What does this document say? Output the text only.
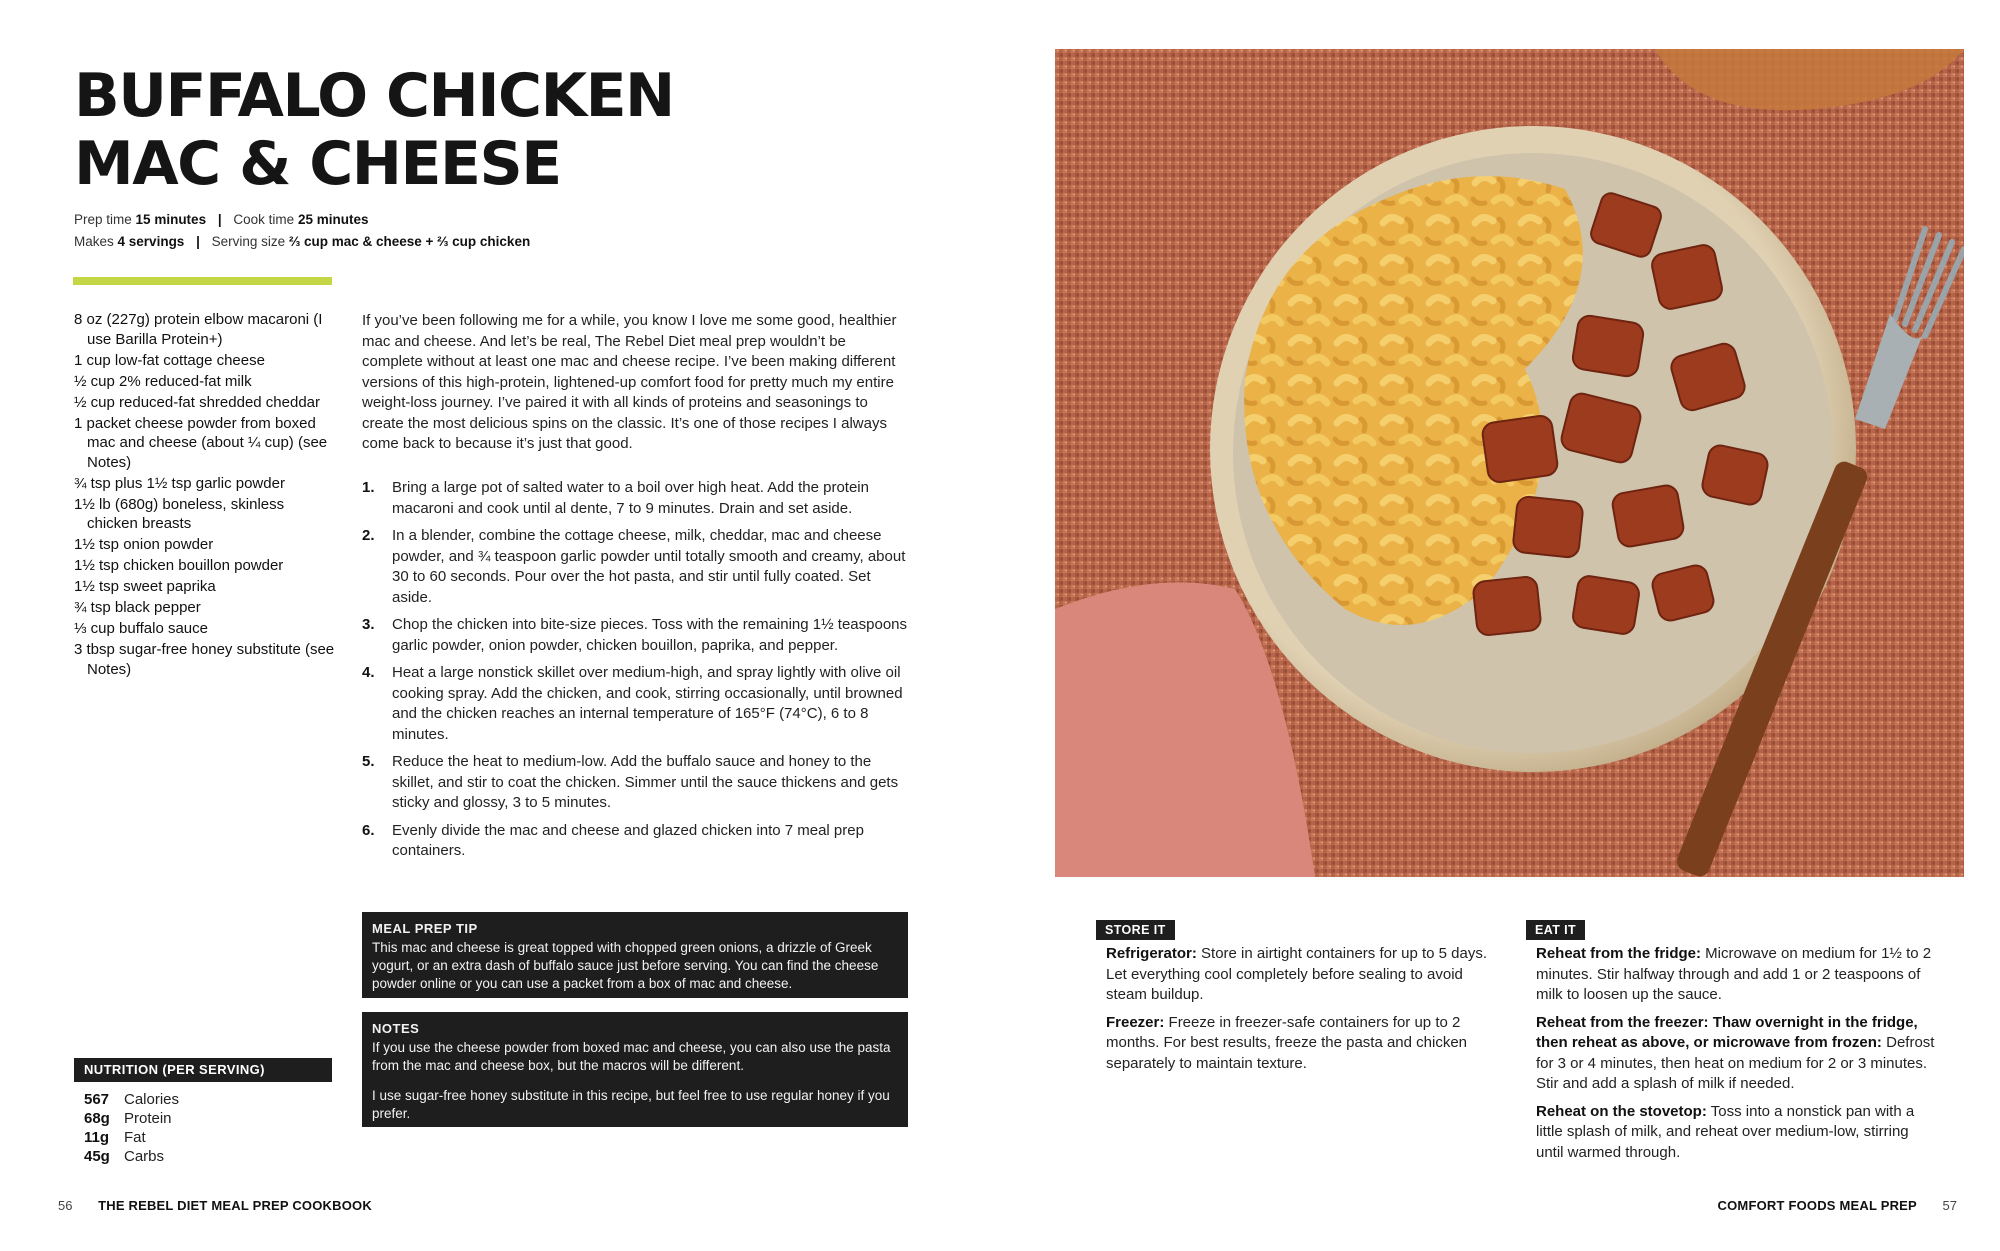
BUFFALO CHICKEN
MAC & CHEESE
Prep time 15 minutes | Cook time 25 minutes
Makes 4 servings | Serving size ⅔ cup mac & cheese + ⅔ cup chicken
8 oz (227g) protein elbow macaroni (I use Barilla Protein+)
1 cup low-fat cottage cheese
½ cup 2% reduced-fat milk
½ cup reduced-fat shredded cheddar
1 packet cheese powder from boxed mac and cheese (about ¼ cup) (see Notes)
¾ tsp plus 1½ tsp garlic powder
1½ lb (680g) boneless, skinless chicken breasts
1½ tsp onion powder
1½ tsp chicken bouillon powder
1½ tsp sweet paprika
¾ tsp black pepper
⅓ cup buffalo sauce
3 tbsp sugar-free honey substitute (see Notes)

If you’ve been following me for a while, you know I love me some good, healthier mac and cheese. And let’s be real, The Rebel Diet meal prep wouldn’t be complete without at least one mac and cheese recipe. I’ve been making different versions of this high-protein, lightened-up comfort food for pretty much my entire weight-loss journey. I’ve paired it with all kinds of proteins and seasonings to create the most delicious spins on the classic. It’s one of those recipes I always come back to because it’s just that good.

1.	Bring a large pot of salted water to a boil over high heat. Add the protein macaroni and cook until al dente, 7 to 9 minutes. Drain and set aside.
2.	In a blender, combine the cottage cheese, milk, cheddar, mac and cheese powder, and ¾ teaspoon garlic powder until totally smooth and creamy, about 30 to 60 seconds. Pour over the hot pasta, and stir until fully coated. Set aside.
3.	Chop the chicken into bite-size pieces. Toss with the remaining 1½ teaspoons garlic powder, onion powder, chicken bouillon, paprika, and pepper.
4.	Heat a large nonstick skillet over medium-high, and spray lightly with olive oil cooking spray. Add the chicken, and cook, stirring occasionally, until browned and the chicken reaches an internal temperature of 165°F (74°C), 6 to 8 minutes.
5.	Reduce the heat to medium-low. Add the buffalo sauce and honey to the skillet, and stir to coat the chicken. Simmer until the sauce thickens and gets sticky and glossy, 3 to 5 minutes.
6.	Evenly divide the mac and cheese and glazed chicken into 7 meal prep containers.
MEAL PREP TIP

This mac and cheese is great topped with chopped green onions, a drizzle of Greek yogurt, or an extra dash of buffalo sauce just before serving. You can find the cheese powder online or you can use a packet from a box of mac and cheese.

NOTES

If you use the cheese powder from boxed mac and cheese, you can also use the pasta from the mac and cheese box, but the macros will be different.

I use sugar-free honey substitute in this recipe, but feel free to use regular honey if you prefer.

NUTRITION (PER SERVING)
567 Calories
68g Protein
11g Fat
45g Carbs
56 THE REBEL DIET MEAL PREP COOKBOOK	COMFORT FOODS MEAL PREP 57
STORE IT

Refrigerator: Store in airtight containers for up to 5 days. Let everything cool completely before sealing to avoid steam buildup.

Freezer: Freeze in freezer-safe containers for up to 2 months. For best results, freeze the pasta and chicken separately to maintain texture.

EAT IT

Reheat from the fridge: Microwave on medium for 1½ to 2 minutes. Stir halfway through and add 1 or 2 teaspoons of milk to loosen up the sauce.

Reheat from the freezer: Thaw overnight in the fridge, then reheat as above, or microwave from frozen: Defrost for 3 or 4 minutes, then heat on medium for 2 or 3 minutes. Stir and add a splash of milk if needed.

Reheat on the stovetop: Toss into a nonstick pan with a little splash of milk, and reheat over medium-low, stirring until warmed through.
